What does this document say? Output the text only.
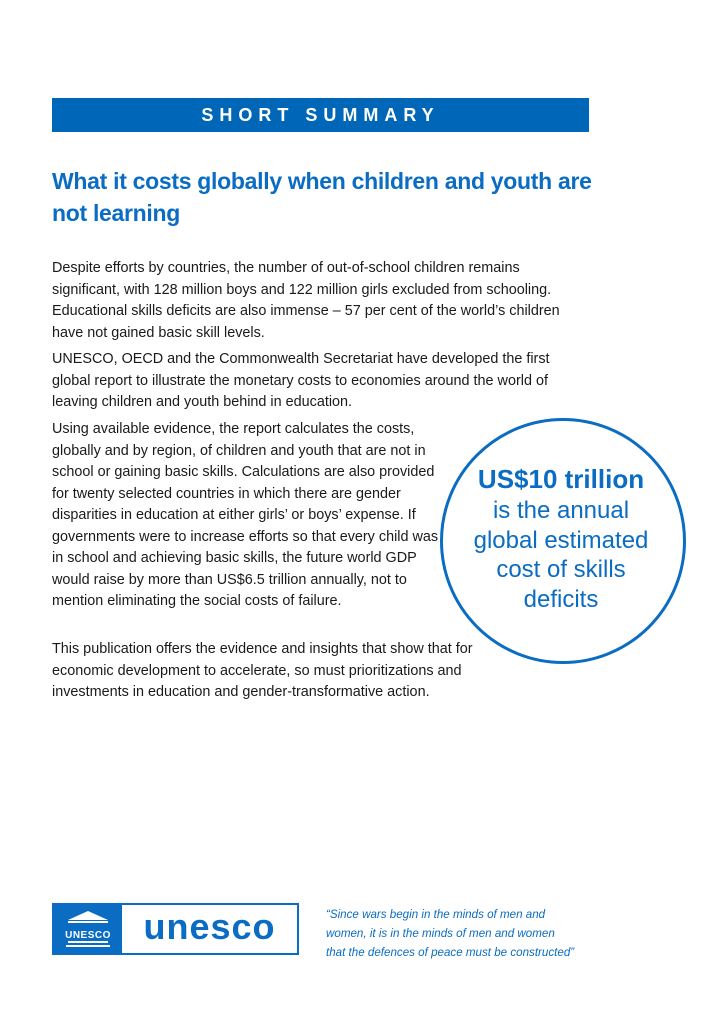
SHORT SUMMARY
What it costs globally when children and youth are not learning

Despite efforts by countries, the number of out-of-school children remains significant, with 128 million boys and 122 million girls excluded from schooling. Educational skills deficits are also immense – 57 per cent of the world’s children have not gained basic skill levels.

UNESCO, OECD and the Commonwealth Secretariat have developed the first global report to illustrate the monetary costs to economies around the world of leaving children and youth behind in education.

Using available evidence, the report calculates the costs, globally and by region, of children and youth that are not in school or gaining basic skills. Calculations are also provided for twenty selected countries in which there are gender disparities in education at either girls’ or boys’ expense. If governments were to increase efforts so that every child was in school and achieving basic skills, the future world GDP would raise by more than US$6.5 trillion annually, not to mention eliminating the social costs of failure.

This publication offers the evidence and insights that show that for economic development to accelerate, so must prioritizations and investments in education and gender-transformative action.

US$10 trillion
is the annual
global estimated
cost of skills
deficits
UNESCO unesco	“Since wars begin in the minds of men and
women, it is in the minds of men and women
that the defences of peace must be constructed”
